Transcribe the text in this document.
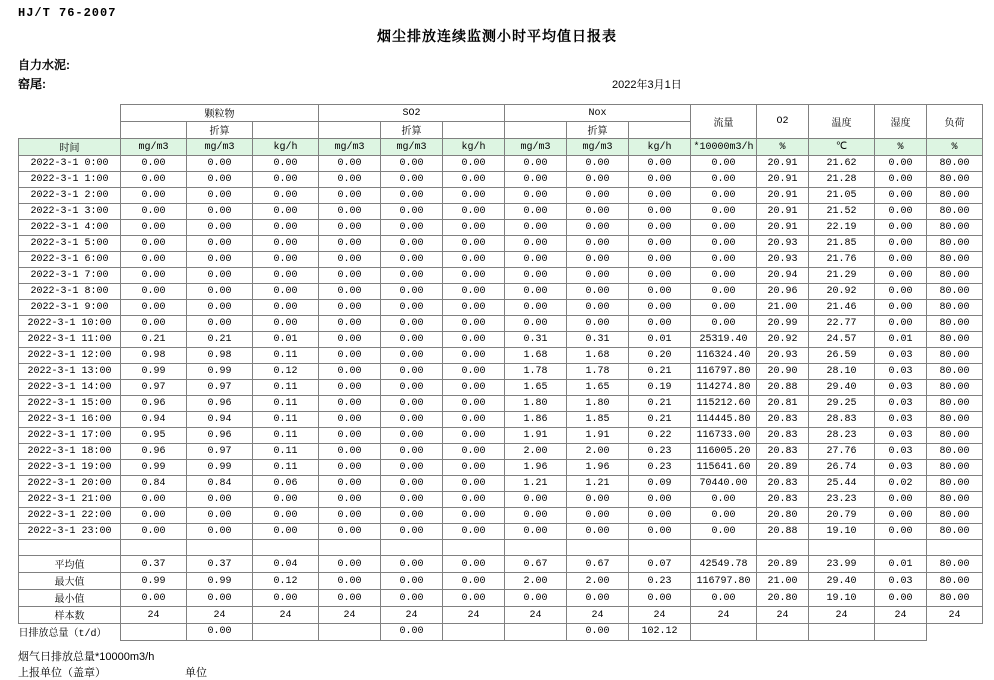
HJ/T 76-2007
烟尘排放连续监测小时平均值日报表
自力水泥:
窑尾:	2022年3月1日
	颗粒物			SO2			Nox			流量	O2	温度	湿度	负荷
		折算			折算			折算						
时间	mg/m3	mg/m3	kg/h	mg/m3	mg/m3	kg/h	mg/m3	mg/m3	kg/h	*10000m3/h	%	℃	%	%
2022-3-1 0:00	0.00	0.00	0.00	0.00	0.00	0.00	0.00	0.00	0.00	0.00	20.91	21.62	0.00	80.00
2022-3-1 1:00	0.00	0.00	0.00	0.00	0.00	0.00	0.00	0.00	0.00	0.00	20.91	21.28	0.00	80.00
2022-3-1 2:00	0.00	0.00	0.00	0.00	0.00	0.00	0.00	0.00	0.00	0.00	20.91	21.05	0.00	80.00
2022-3-1 3:00	0.00	0.00	0.00	0.00	0.00	0.00	0.00	0.00	0.00	0.00	20.91	21.52	0.00	80.00
2022-3-1 4:00	0.00	0.00	0.00	0.00	0.00	0.00	0.00	0.00	0.00	0.00	20.91	22.19	0.00	80.00
2022-3-1 5:00	0.00	0.00	0.00	0.00	0.00	0.00	0.00	0.00	0.00	0.00	20.93	21.85	0.00	80.00
2022-3-1 6:00	0.00	0.00	0.00	0.00	0.00	0.00	0.00	0.00	0.00	0.00	20.93	21.76	0.00	80.00
2022-3-1 7:00	0.00	0.00	0.00	0.00	0.00	0.00	0.00	0.00	0.00	0.00	20.94	21.29	0.00	80.00
2022-3-1 8:00	0.00	0.00	0.00	0.00	0.00	0.00	0.00	0.00	0.00	0.00	20.96	20.92	0.00	80.00
2022-3-1 9:00	0.00	0.00	0.00	0.00	0.00	0.00	0.00	0.00	0.00	0.00	21.00	21.46	0.00	80.00
2022-3-1 10:00	0.00	0.00	0.00	0.00	0.00	0.00	0.00	0.00	0.00	0.00	20.99	22.77	0.00	80.00
2022-3-1 11:00	0.21	0.21	0.01	0.00	0.00	0.00	0.31	0.31	0.01	25319.40	20.92	24.57	0.01	80.00
2022-3-1 12:00	0.98	0.98	0.11	0.00	0.00	0.00	1.68	1.68	0.20	116324.40	20.93	26.59	0.03	80.00
2022-3-1 13:00	0.99	0.99	0.12	0.00	0.00	0.00	1.78	1.78	0.21	116797.80	20.90	28.10	0.03	80.00
2022-3-1 14:00	0.97	0.97	0.11	0.00	0.00	0.00	1.65	1.65	0.19	114274.80	20.88	29.40	0.03	80.00
2022-3-1 15:00	0.96	0.96	0.11	0.00	0.00	0.00	1.80	1.80	0.21	115212.60	20.81	29.25	0.03	80.00
2022-3-1 16:00	0.94	0.94	0.11	0.00	0.00	0.00	1.86	1.85	0.21	114445.80	20.83	28.83	0.03	80.00
2022-3-1 17:00	0.95	0.96	0.11	0.00	0.00	0.00	1.91	1.91	0.22	116733.00	20.83	28.23	0.03	80.00
2022-3-1 18:00	0.96	0.97	0.11	0.00	0.00	0.00	2.00	2.00	0.23	116005.20	20.83	27.76	0.03	80.00
2022-3-1 19:00	0.99	0.99	0.11	0.00	0.00	0.00	1.96	1.96	0.23	115641.60	20.89	26.74	0.03	80.00
2022-3-1 20:00	0.84	0.84	0.06	0.00	0.00	0.00	1.21	1.21	0.09	70440.00	20.83	25.44	0.02	80.00
2022-3-1 21:00	0.00	0.00	0.00	0.00	0.00	0.00	0.00	0.00	0.00	0.00	20.83	23.23	0.00	80.00
2022-3-1 22:00	0.00	0.00	0.00	0.00	0.00	0.00	0.00	0.00	0.00	0.00	20.80	20.79	0.00	80.00
2022-3-1 23:00	0.00	0.00	0.00	0.00	0.00	0.00	0.00	0.00	0.00	0.00	20.88	19.10	0.00	80.00

平均值	0.37	0.37	0.04	0.00	0.00	0.00	0.67	0.67	0.07	42549.78	20.89	23.99	0.01	80.00
最大值	0.99	0.99	0.12	0.00	0.00	0.00	2.00	2.00	0.23	116797.80	21.00	29.40	0.03	80.00
最小值	0.00	0.00	0.00	0.00	0.00	0.00	0.00	0.00	0.00	0.00	20.80	19.10	0.00	80.00
样本数	24	24	24	24	24	24	24	24	24	24	24	24	24	24
日排放总量（t/d）		0.00			0.00			0.00	102.12					
烟气日排放总量*10000m3/h
上报单位（盖章）	单位
